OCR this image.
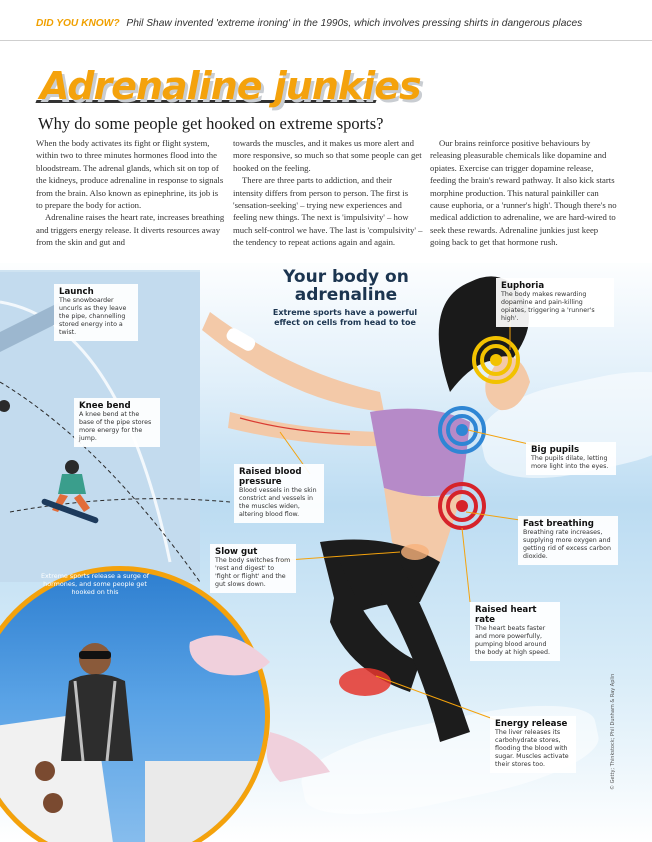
DID YOU KNOW? Phil Shaw invented 'extreme ironing' in the 1990s, which involves pressing shirts in dangerous places
Adrenaline junkies
Why do some people get hooked on extreme sports?

When the body activates its fight or flight system, within two to three minutes hormones flood into the bloodstream. The adrenal glands, which sit on top of the kidneys, produce adrenaline in response to signals from the brain. Also known as epinephrine, its job is to prepare the body for action.

Adrenaline raises the heart rate, increases breathing and triggers energy release. It diverts resources away from the skin and gut and

towards the muscles, and it makes us more alert and more responsive, so much so that some people can get hooked on the feeling.

There are three parts to addiction, and their intensity differs from person to person. The first is 'sensation-seeking' – trying new experiences and feeling new things. The next is 'impulsivity' – how much self-control we have. The last is 'compulsivity' – the tendency to repeat actions again and again.

Our brains reinforce positive behaviours by releasing pleasurable chemicals like dopamine and opiates. Exercise can trigger dopamine release, feeding the brain's reward pathway. It also kick starts morphine production. This natural painkiller can cause euphoria, or a 'runner's high'. Though there's no medical addiction to adrenaline, we are hard-wired to seek these rewards. Adrenaline junkies just keep going back to get that hormone rush.

Extreme sports release a surge of hormones, and some people get hooked on this
Your body on adrenaline
Extreme sports have a powerful effect on cells from head to toe
Launch
The snowboarder uncurls as they leave the pipe, channelling stored energy into a twist.
Knee bend
A knee bend at the base of the pipe stores more energy for the jump.
Euphoria
The body makes rewarding dopamine and pain-killing opiates, triggering a 'runner's high'.
Big pupils
The pupils dilate, letting more light into the eyes.
Raised blood pressure
Blood vessels in the skin constrict and vessels in the muscles widen, altering blood flow.
Fast breathing
Breathing rate increases, supplying more oxygen and getting rid of excess carbon dioxide.
Slow gut
The body switches from 'rest and digest' to 'fight or flight' and the gut slows down.
Raised heart rate
The heart beats faster and more powerfully, pumping blood around the body at high speed.
Energy release
The liver releases its carbohydrate stores, flooding the blood with sugar. Muscles activate their stores too.	© Getty; Thinkstock; Phil Dunham & Ray Aplin
